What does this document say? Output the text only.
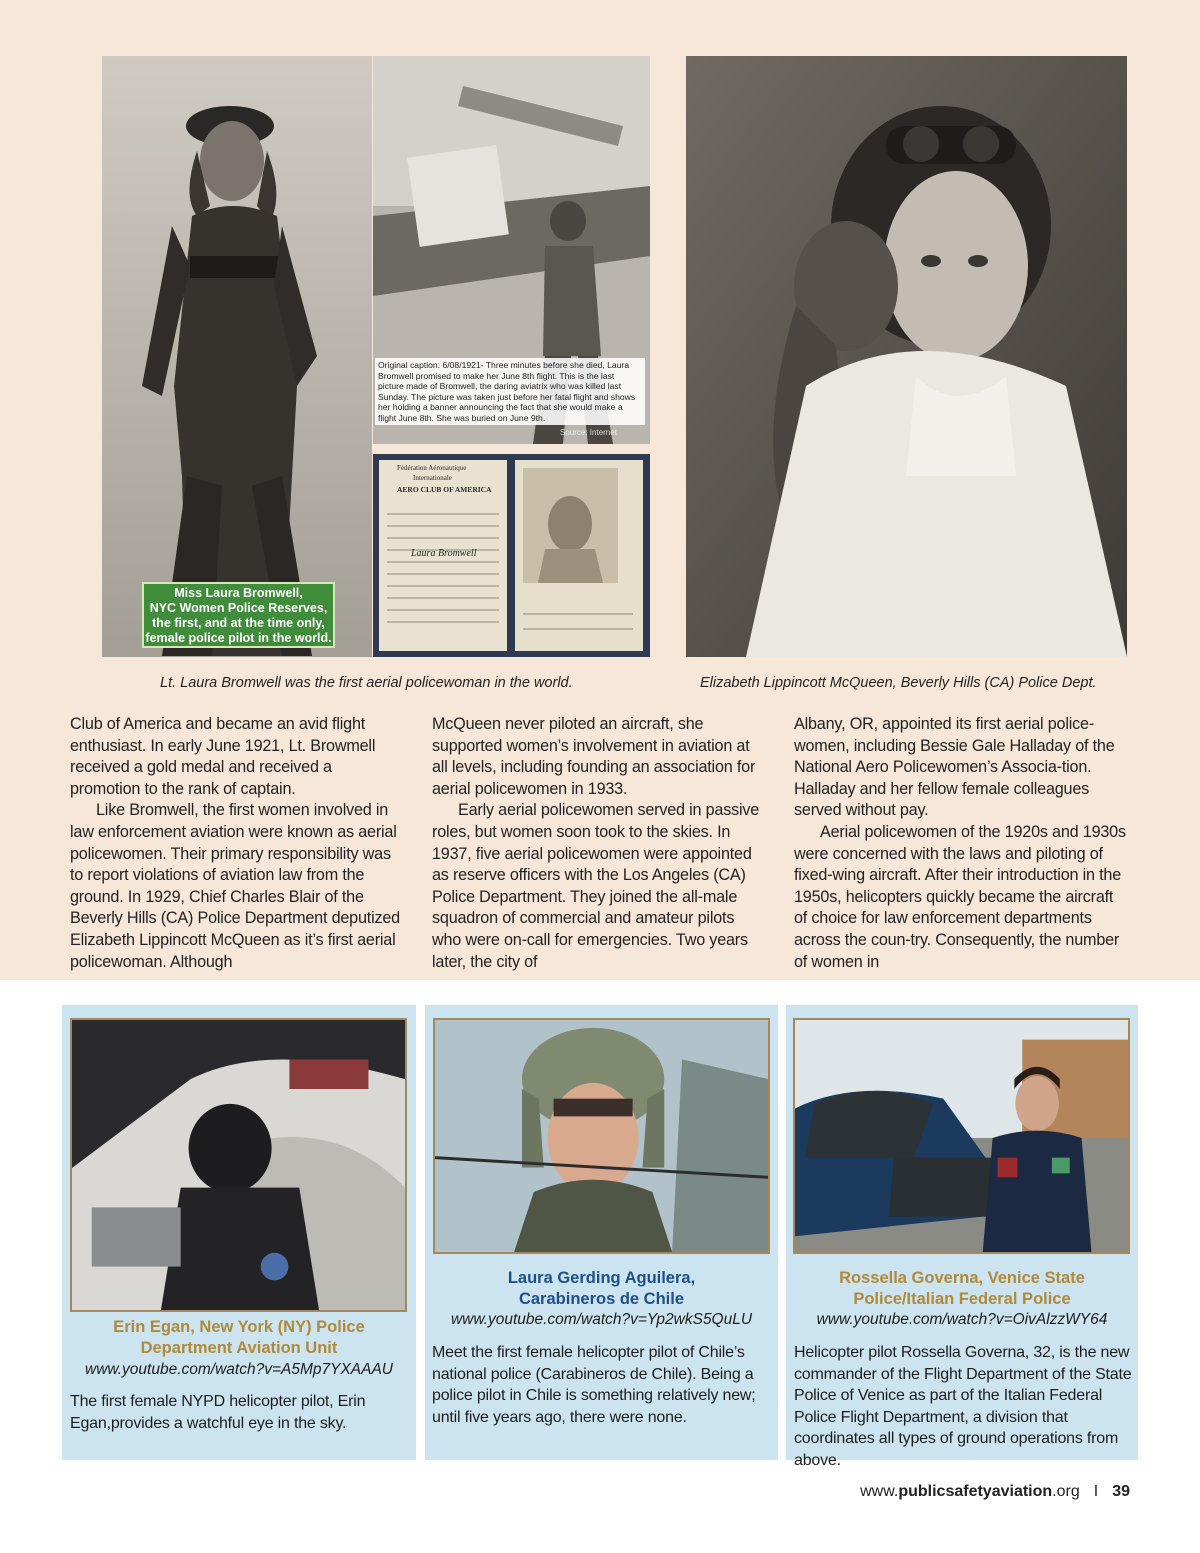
Miss Laura Bromwell,
NYC Women Police Reserves,
the first, and at the time only,
female police pilot in the world.
Original caption: 6/08/1921- Three minutes before she died, Laura Bromwell promised to make her June 8th flight. This is the last picture made of Bromwell, the daring aviatrix who was killed last Sunday. The picture was taken just before her fatal flight and shows her holding a banner announcing the fact that she would make a flight June 8th. She was buried on June 9th.
Source: Internet
Fédération Aéronautique
Internationale
AERO CLUB OF AMERICA
Laura Bromwell
Lt. Laura Bromwell was the first aerial policewoman in the world.	Elizabeth Lippincott McQueen, Beverly Hills (CA) Police Dept.

Club of America and became an avid flight enthusiast. In early June 1921, Lt. Browmell received a gold medal and received a promotion to the rank of captain.

Like Bromwell, the first women involved in law enforcement aviation were known as aerial policewomen. Their primary responsibility was to report violations of aviation law from the ground. In 1929, Chief Charles Blair of the Beverly Hills (CA) Police Department deputized Elizabeth Lippincott McQueen as it’s first aerial policewoman. Although

McQueen never piloted an aircraft, she supported women’s involvement in aviation at all levels, including founding an association for aerial policewomen in 1933.

Early aerial policewomen served in passive roles, but women soon took to the skies. In 1937, five aerial policewomen were appointed as reserve officers with the Los Angeles (CA) Police Department. They joined the all-male squadron of commercial and amateur pilots who were on-call for emergencies. Two years later, the city of

Albany, OR, appointed its first aerial police-women, including Bessie Gale Halladay of the National Aero Policewomen’s Associa-tion. Halladay and her fellow female colleagues served without pay.

Aerial policewomen of the 1920s and 1930s were concerned with the laws and piloting of fixed-wing aircraft. After their introduction in the 1950s, helicopters quickly became the aircraft of choice for law enforcement departments across the coun-try. Consequently, the number of women in

Erin Egan, New York (NY) Police
Department Aviation Unit
www.youtube.com/watch?v=A5Mp7YXAAAU
The first female NYPD helicopter pilot, Erin Egan,provides a watchful eye in the sky.
Laura Gerding Aguilera,
Carabineros de Chile
www.youtube.com/watch?v=Yp2wkS5QuLU
Meet the first female helicopter pilot of Chile’s national police (Carabineros de Chile). Being a police pilot in Chile is something relatively new; until five years ago, there were none.
Rossella Governa, Venice State
Police/Italian Federal Police
www.youtube.com/watch?v=OivAlzzWY64
Helicopter pilot Rossella Governa, 32, is the new commander of the Flight Department of the State Police of Venice as part of the Italian Federal Police Flight Department, a division that coordinates all types of ground operations from above.
www.publicsafetyaviation.org I 39
